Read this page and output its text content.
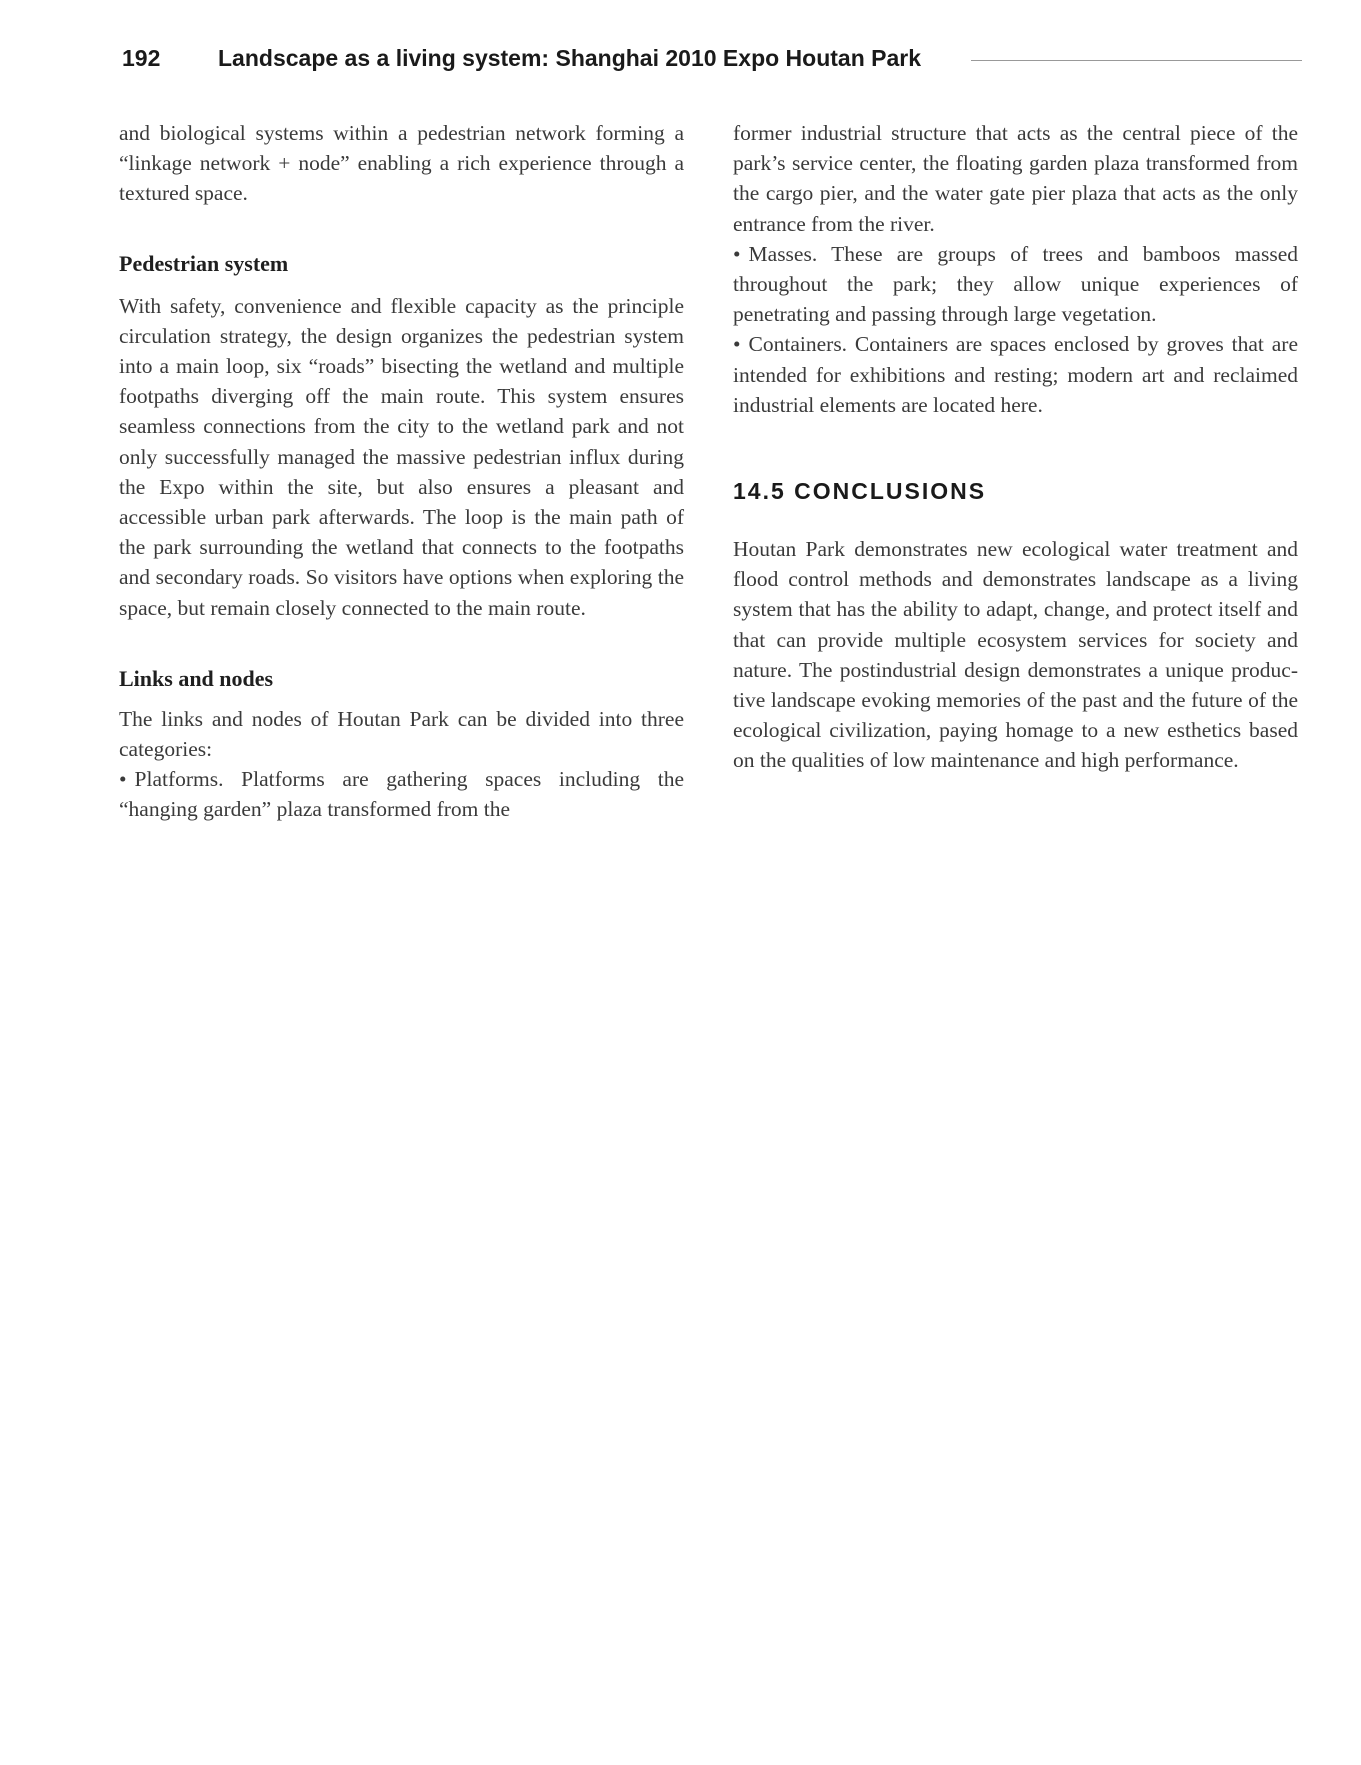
192	Landscape as a living system: Shanghai 2010 Expo Houtan Park

and biological systems within a pedestrian network forming a “linkage network + node” enabling a rich experience through a textured space.

Pedestrian system

With safety, convenience and flexible capacity as the principle circulation strategy, the design organizes the pedestrian system into a main loop, six “roads” bisecting the wetland and multiple footpaths diverging off the main route. This system ensures seamless connections from the city to the wetland park and not only successfully managed the massive pedestrian influx during the Expo within the site, but also ensures a pleasant and accessible urban park afterwards. The loop is the main path of the park surrounding the wetland that connects to the footpaths and secondary roads. So visitors have options when exploring the space, but remain closely connected to the main route.

Links and nodes

The links and nodes of Houtan Park can be divided into three categories:

• Platforms. Platforms are gathering spaces including the “hanging garden” plaza transformed from the

former industrial structure that acts as the central piece of the park’s service center, the floating garden plaza transformed from the cargo pier, and the water gate pier plaza that acts as the only entrance from the river.

• Masses. These are groups of trees and bamboos massed throughout the park; they allow unique experiences of penetrating and passing through large vegetation.

• Containers. Containers are spaces enclosed by groves that are intended for exhibitions and resting; modern art and reclaimed industrial elements are located here.

14.5 CONCLUSIONS

Houtan Park demonstrates new ecological water treatment and flood control methods and demonstrates landscape as a living system that has the ability to adapt, change, and protect itself and that can provide multiple ecosystem services for society and nature. The postindustrial design demonstrates a unique productive landscape evoking memories of the past and the future of the ecological civilization, paying homage to a new esthetics based on the qualities of low maintenance and high performance.
